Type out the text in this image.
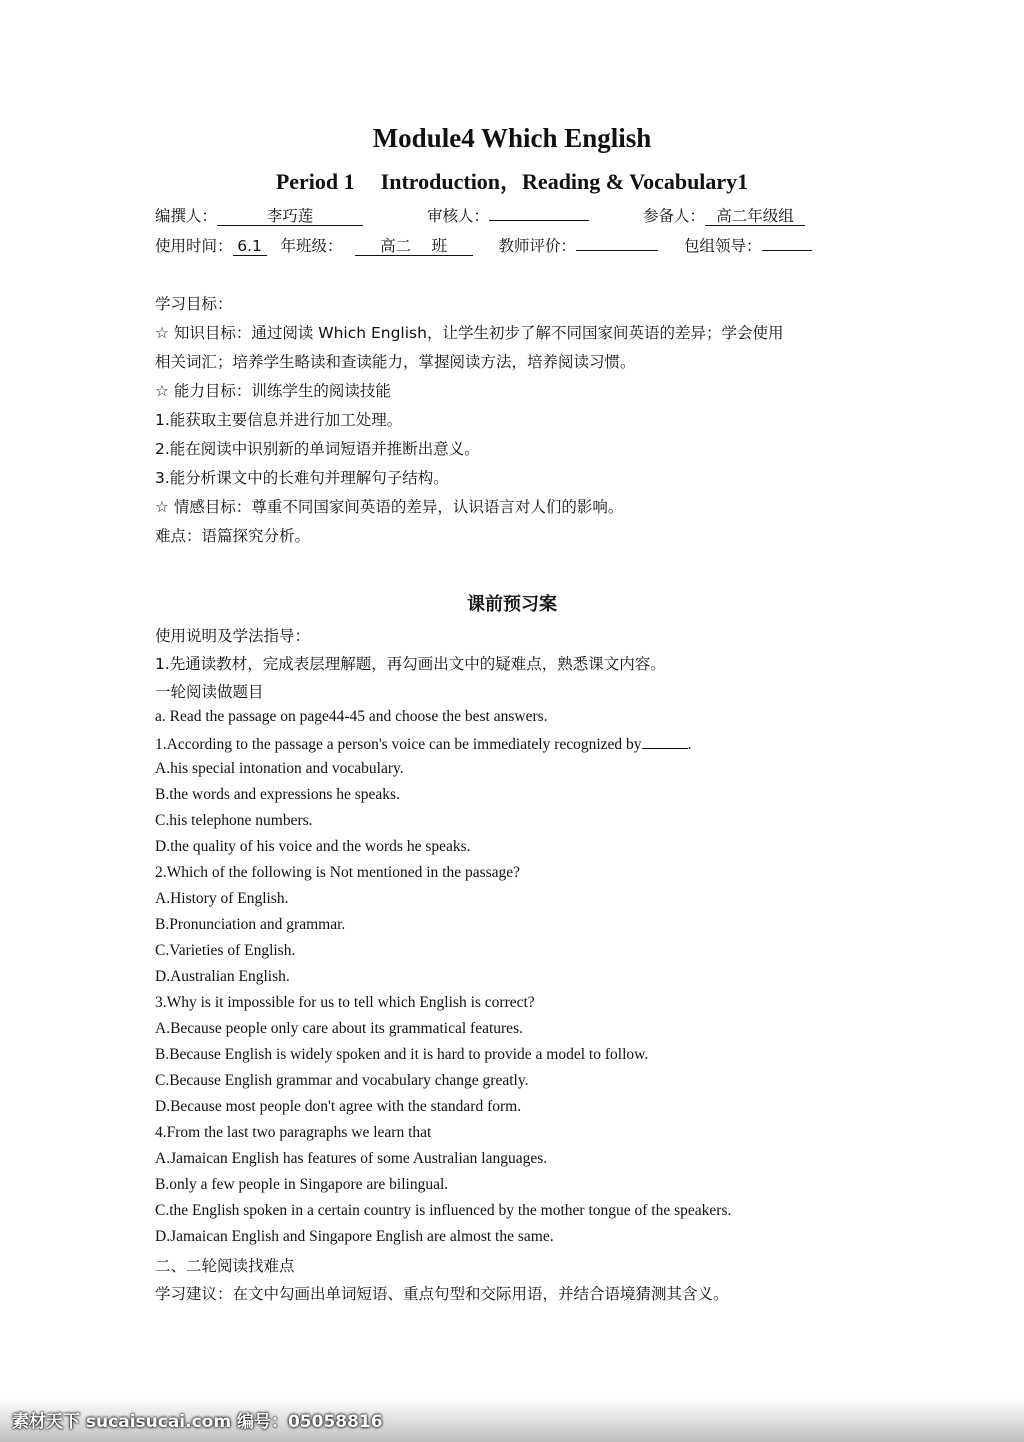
Module4 Which English
Period 1 Introduction，Reading & Vocabulary1
编撰人：	李巧莲	审核人：	参备人： 高二年级组
使用时间： 6.1 年班级： 高二　 班	教师评价：	包组领导：
学习目标：
☆ 知识目标：通过阅读 Which English，让学生初步了解不同国家间英语的差异；学会使用
相关词汇；培养学生略读和查读能力，掌握阅读方法，培养阅读习惯。
☆ 能力目标：训练学生的阅读技能
1.能获取主要信息并进行加工处理。
2.能在阅读中识别新的单词短语并推断出意义。
3.能分析课文中的长难句并理解句子结构。
☆ 情感目标：尊重不同国家间英语的差异，认识语言对人们的影响。
难点：语篇探究分析。
课前预习案
使用说明及学法指导：
1.先通读教材，完成表层理解题，再勾画出文中的疑难点，熟悉课文内容。
一轮阅读做题目
a. Read the passage on page44-45 and choose the best answers.
1.According to the passage a person's voice can be immediately recognized by	.
A.his special intonation and vocabulary.
B.the words and expressions he speaks.
C.his telephone numbers.
D.the quality of his voice and the words he speaks.
2.Which of the following is Not mentioned in the passage?
A.History of English.
B.Pronunciation and grammar.
C.Varieties of English.
D.Australian English.
3.Why is it impossible for us to tell which English is correct?
A.Because people only care about its grammatical features.
B.Because English is widely spoken and it is hard to provide a model to follow.
C.Because English grammar and vocabulary change greatly.
D.Because most people don't agree with the standard form.
4.From the last two paragraphs we learn that
A.Jamaican English has features of some Australian languages.
B.only a few people in Singapore are bilingual.
C.the English spoken in a certain country is influenced by the mother tongue of the speakers.
D.Jamaican English and Singapore English are almost the same.
二、二轮阅读找难点
学习建议：在文中勾画出单词短语、重点句型和交际用语，并结合语境猜测其含义。
素材天下 sucaisucai.com 编号：05058816
